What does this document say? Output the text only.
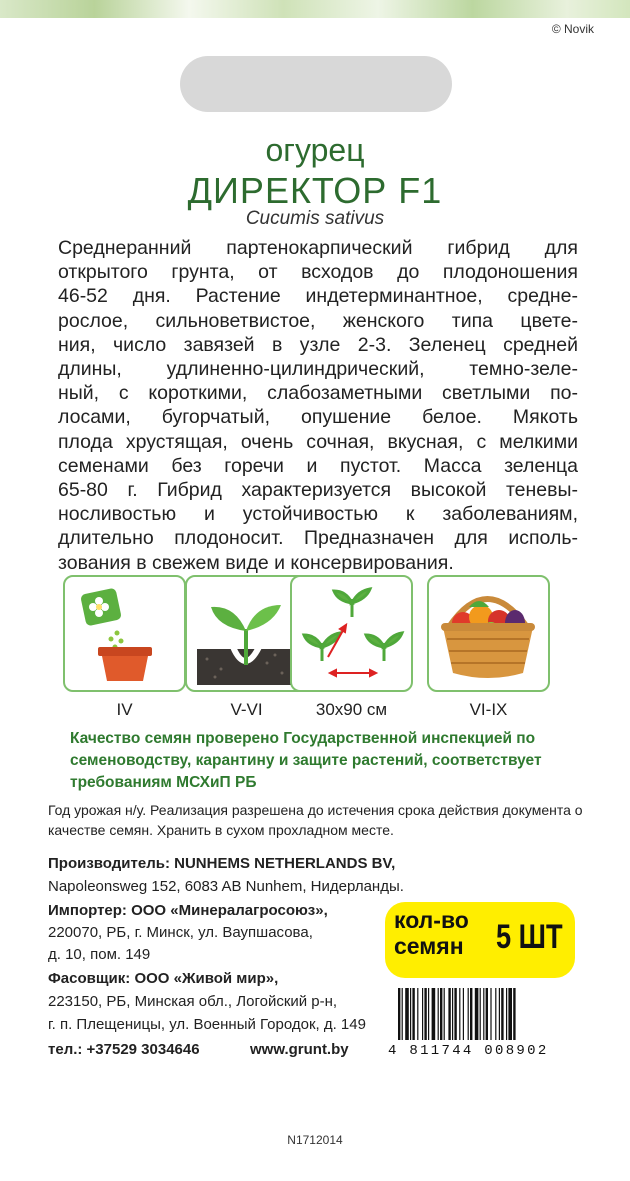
© Novik
огурец
ДИРЕКТОР F1
Cucumis sativus
Среднеранний партенокарпический гибрид для
открытого грунта, от всходов до плодоношения
46-52 дня. Растение индетерминантное, средне-
рослое, сильноветвистое, женского типа цвете-
ния, число завязей в узле 2-3. Зеленец средней
длины, удлиненно-цилиндрический, темно-зеле-
ный, с короткими, слабозаметными светлыми по-
лосами, бугорчатый, опушение белое. Мякоть
плода хрустящая, очень сочная, вкусная, с мелкими
семенами без горечи и пустот. Масса зеленца
65-80 г. Гибрид характеризуется высокой теневы-
носливостью и устойчивостью к заболеваниям,
длительно плодоносит. Предназначен для исполь-
зования в свежем виде и консервирования.
IV	V-VI	30x90 см	VI-IX
Качество семян проверено Государственной инспекцией по семеноводству, карантину и защите растений, соответствует требованиям МСХиП РБ
Год урожая н/у. Реализация разрешена до истечения срока действия документа о качестве семян. Хранить в сухом прохладном месте.
Производитель: NUNHEMS NETHERLANDS BV,
Napoleonsweg 152, 6083 AB Nunhem, Нидерланды.
Импортер: ООО «Минералагросоюз»,
220070, РБ, г. Минск, ул. Ваупшасова,
д. 10, пом. 149
Фасовщик: ООО «Живой мир»,
223150, РБ, Минская обл., Логойский р-н,
г. п. Плещеницы, ул. Военный Городок, д. 149
тел.: +37529 3034646	www.grunt.by
кол-во
семян 5 ШТ
4 811744 008902
N1712014
